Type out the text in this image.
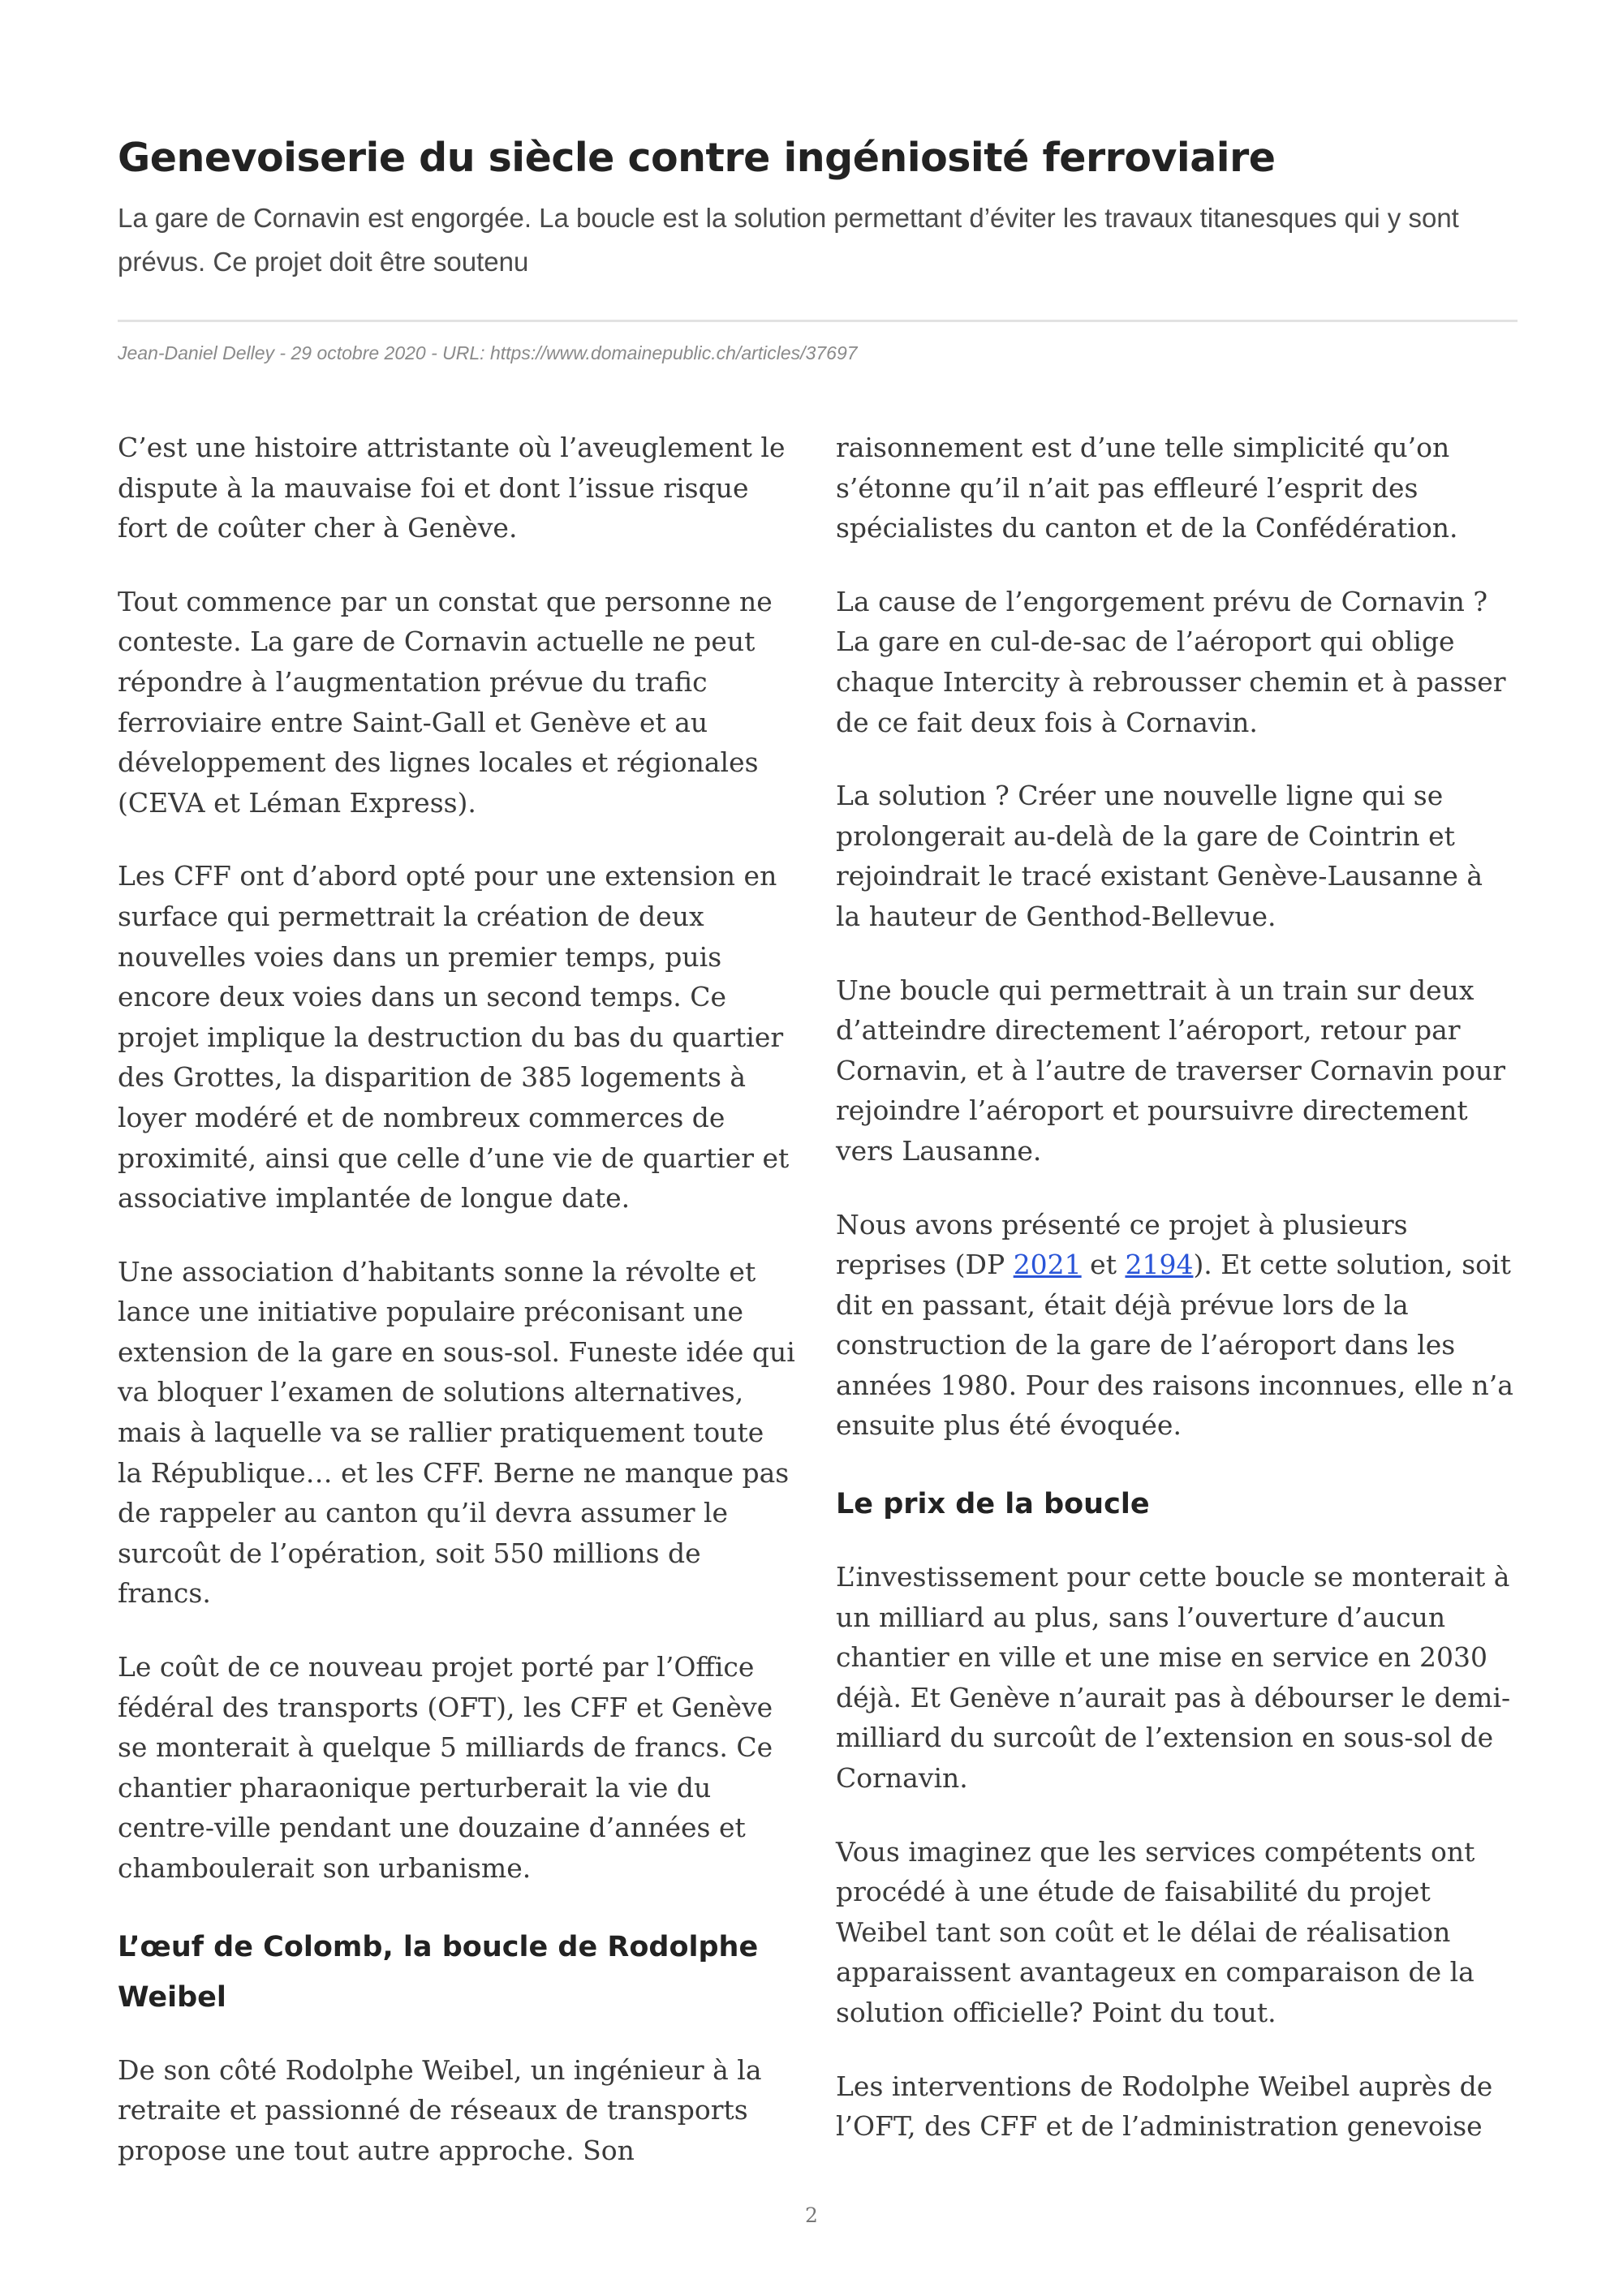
Genevoiserie du siècle contre ingéniosité ferroviaire

La gare de Cornavin est engorgée. La boucle est la solution permettant d’éviter les travaux titanesques qui y sont prévus. Ce projet doit être soutenu

Jean-Daniel Delley - 29 octobre 2020 - URL: https://www.domainepublic.ch/articles/37697

C’est une histoire attristante où l’aveuglement le dispute à la mauvaise foi et dont l’issue risque fort de coûter cher à Genève.

Tout commence par un constat que personne ne conteste. La gare de Cornavin actuelle ne peut répondre à l’augmentation prévue du trafic ferroviaire entre Saint-Gall et Genève et au développement des lignes locales et régionales (CEVA et Léman Express).

Les CFF ont d’abord opté pour une extension en surface qui permettrait la création de deux nouvelles voies dans un premier temps, puis encore deux voies dans un second temps. Ce projet implique la destruction du bas du quartier des Grottes, la disparition de 385 logements à loyer modéré et de nombreux commerces de proximité, ainsi que celle d’une vie de quartier et associative implantée de longue date.

Une association d’habitants sonne la révolte et lance une initiative populaire préconisant une extension de la gare en sous-sol. Funeste idée qui va bloquer l’examen de solutions alternatives, mais à laquelle va se rallier pratiquement toute la République… et les CFF. Berne ne manque pas de rappeler au canton qu’il devra assumer le surcoût de l’opération, soit 550 millions de francs.

Le coût de ce nouveau projet porté par l’Office fédéral des transports (OFT), les CFF et Genève se monterait à quelque 5 milliards de francs. Ce chantier pharaonique perturberait la vie du centre-ville pendant une douzaine d’années et chamboulerait son urbanisme.

L’œuf de Colomb, la boucle de Rodolphe Weibel

De son côté Rodolphe Weibel, un ingénieur à la retraite et passionné de réseaux de transports propose une tout autre approche. Son

raisonnement est d’une telle simplicité qu’on s’étonne qu’il n’ait pas effleuré l’esprit des spécialistes du canton et de la Confédération.

La cause de l’engorgement prévu de Cornavin ? La gare en cul-de-sac de l’aéroport qui oblige chaque Intercity à rebrousser chemin et à passer de ce fait deux fois à Cornavin.

La solution ? Créer une nouvelle ligne qui se prolongerait au-delà de la gare de Cointrin et rejoindrait le tracé existant Genève-Lausanne à la hauteur de Genthod-Bellevue.

Une boucle qui permettrait à un train sur deux d’atteindre directement l’aéroport, retour par Cornavin, et à l’autre de traverser Cornavin pour rejoindre l’aéroport et poursuivre directement vers Lausanne.

Nous avons présenté ce projet à plusieurs reprises (DP 2021 et 2194). Et cette solution, soit dit en passant, était déjà prévue lors de la construction de la gare de l’aéroport dans les années 1980. Pour des raisons inconnues, elle n’a ensuite plus été évoquée.

Le prix de la boucle

L’investissement pour cette boucle se monterait à un milliard au plus, sans l’ouverture d’aucun chantier en ville et une mise en service en 2030 déjà. Et Genève n’aurait pas à débourser le demi-milliard du surcoût de l’extension en sous-sol de Cornavin.

Vous imaginez que les services compétents ont procédé à une étude de faisabilité du projet Weibel tant son coût et le délai de réalisation apparaissent avantageux en comparaison de la solution officielle? Point du tout.

Les interventions de Rodolphe Weibel auprès de l’OFT, des CFF et de l’administration genevoise

2
